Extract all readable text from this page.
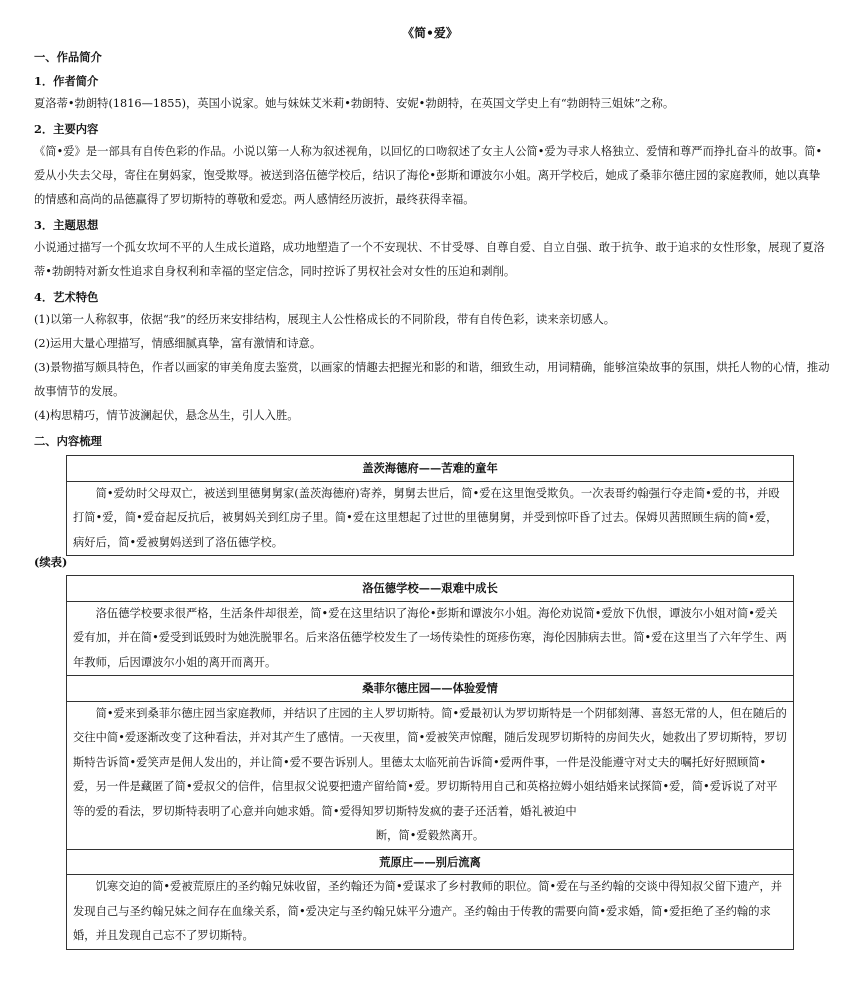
《简•爱》
一、作品简介
1．作者简介
夏洛蒂•勃朗特(1816—1855)，英国小说家。她与妹妹艾米莉•勃朗特、安妮•勃朗特，在英国文学史上有“勃朗特三姐妹”之称。
2．主要内容
《简•爱》是一部具有自传色彩的作品。小说以第一人称为叙述视角，以回忆的口吻叙述了女主人公简•爱为寻求人格独立、爱情和尊严而挣扎奋斗的故事。简•爱从小失去父母，寄住在舅妈家，饱受欺辱。被送到洛伍德学校后，结识了海伦•彭斯和谭波尔小姐。离开学校后，她成了桑菲尔德庄园的家庭教师，她以真挚的情感和高尚的品德赢得了罗切斯特的尊敬和爱恋。两人感情经历波折，最终获得幸福。
3．主题思想
小说通过描写一个孤女坎坷不平的人生成长道路，成功地塑造了一个不安现状、不甘受辱、自尊自爱、自立自强、敢于抗争、敢于追求的女性形象，展现了夏洛蒂•勃朗特对新女性追求自身权利和幸福的坚定信念，同时控诉了男权社会对女性的压迫和剥削。
4．艺术特色
(1)以第一人称叙事，依据“我”的经历来安排结构，展现主人公性格成长的不同阶段，带有自传色彩，读来亲切感人。
(2)运用大量心理描写，情感细腻真挚，富有激情和诗意。
(3)景物描写颇具特色，作者以画家的审美角度去鉴赏，以画家的情趣去把握光和影的和谐，细致生动，用词精确，能够渲染故事的氛围，烘托人物的心情，推动故事情节的发展。
(4)构思精巧，情节波澜起伏，悬念丛生，引人入胜。
二、内容梳理
盖茨海德府——苦难的童年
简•爱幼时父母双亡，被送到里德舅舅家(盖茨海德府)寄养，舅舅去世后，简•爱在这里饱受欺负。一次表哥约翰强行夺走简•爱的书，并殴打简•爱，简•爱奋起反抗后，被舅妈关到红房子里。简•爱在这里想起了过世的里德舅舅，并受到惊吓昏了过去。保姆贝茜照顾生病的简•爱，病好后，简•爱被舅妈送到了洛伍德学校。
(续表)
洛伍德学校——艰难中成长
洛伍德学校要求很严格，生活条件却很差，简•爱在这里结识了海伦•彭斯和谭波尔小姐。海伦劝说简•爱放下仇恨，谭波尔小姐对简•爱关爱有加，并在简•爱受到诋毁时为她洗脱罪名。后来洛伍德学校发生了一场传染性的斑疹伤寒，海伦因肺病去世。简•爱在这里当了六年学生、两年教师，后因谭波尔小姐的离开而离开。
桑菲尔德庄园——体验爱情
简•爱来到桑菲尔德庄园当家庭教师，并结识了庄园的主人罗切斯特。简•爱最初认为罗切斯特是一个阴郁刻薄、喜怒无常的人，但在随后的交往中简•爱逐渐改变了这种看法，并对其产生了感情。一天夜里，简•爱被笑声惊醒，随后发现罗切斯特的房间失火，她救出了罗切斯特，罗切斯特告诉简•爱笑声是佣人发出的，并让简•爱不要告诉别人。里德太太临死前告诉简•爱两件事，一件是没能遵守对丈夫的嘱托好好照顾简•爱，另一件是藏匿了简•爱叔父的信件，信里叔父说要把遗产留给简•爱。罗切斯特用自己和英格拉姆小姐结婚来试探简•爱，简•爱诉说了对平等的爱的看法，罗切斯特表明了心意并向她求婚。简•爱得知罗切斯特发疯的妻子还活着，婚礼被迫中
断，简•爱毅然离开。

荒原庄——别后流离
饥寒交迫的简•爱被荒原庄的圣约翰兄妹收留，圣约翰还为简•爱谋求了乡村教师的职位。简•爱在与圣约翰的交谈中得知叔父留下遗产，并发现自己与圣约翰兄妹之间存在血缘关系，简•爱决定与圣约翰兄妹平分遗产。圣约翰由于传教的需要向简•爱求婚，简•爱拒绝了圣约翰的求婚，并且发现自己忘不了罗切斯特。
